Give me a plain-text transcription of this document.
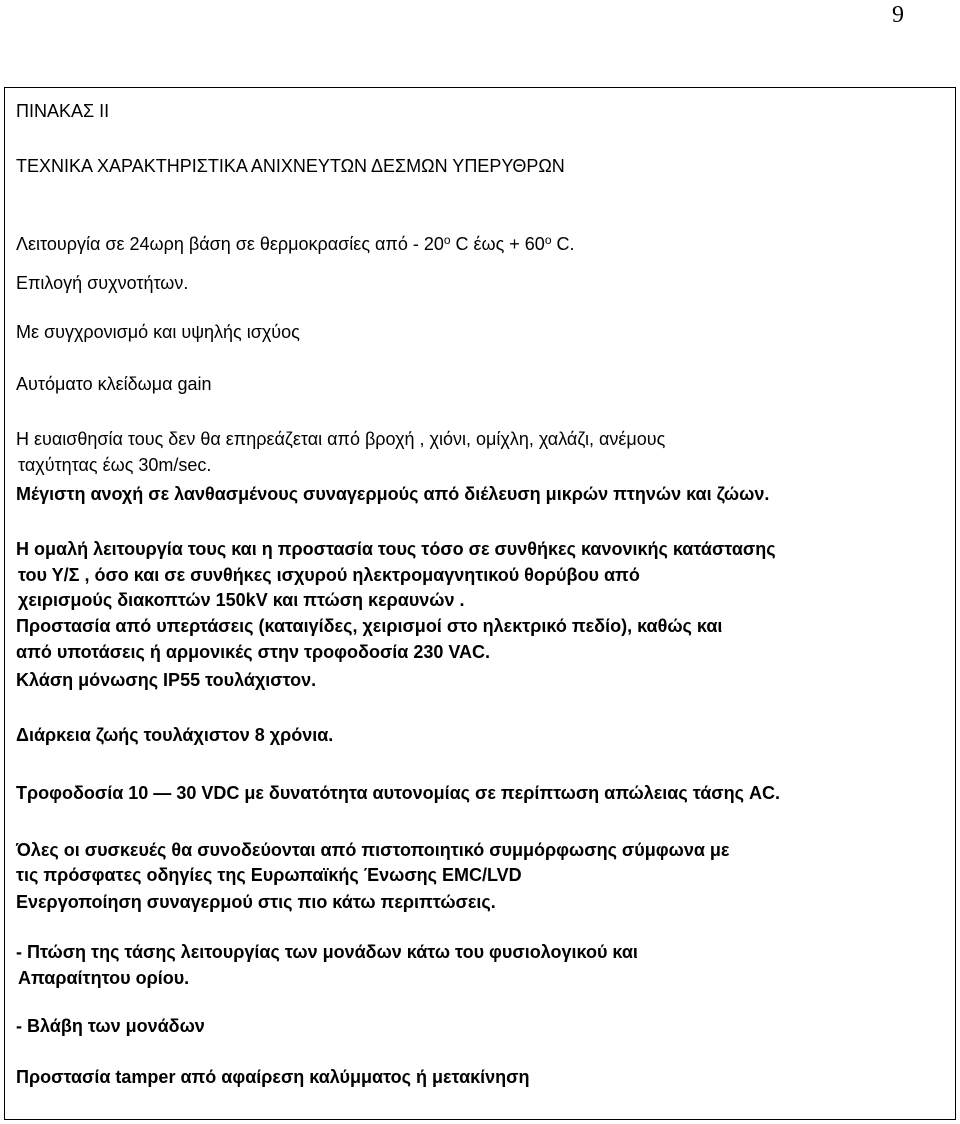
9
ΠΙΝΑΚΑΣ ΙΙ
ΤΕΧΝΙΚΑ ΧΑΡΑΚΤΗΡΙΣΤΙΚΑ ΑΝΙΧΝΕΥΤΩΝ ΔΕΣΜΩΝ ΥΠΕΡΥΘΡΩΝ
Λειτουργία σε 24ωρη βάση σε θερμοκρασίες από - $20^o$ C $έ\omega\varsigma + 60^o$ C.
Επιλογή συχνοτήτων.
Με συγχρονισμό και υψηλής ισχύος
Αυτόματο κλείδωμα gain
Η ευαισθησία τους δεν θα επηρεάζεται από βροχή , χιόνι, ομίχλη, χαλάζι, ανέμους
ταχύτητας έως 30m/sec.
Μέγιστη ανοχή σε λανθασμένους συναγερμούς από διέλευση μικρών πτηνών και ζώων.
Η ομαλή λειτουργία τους και η προστασία τους τόσο σε συνθήκες κανονικής κατάστασης
του Υ/Σ , όσο και σε συνθήκες ισχυρού ηλεκτρομαγνητικού θορύβου από
χειρισμούς διακοπτών 150kV και πτώση κεραυνών .
Προστασία από υπερτάσεις (καταιγίδες, χειρισμοί στο ηλεκτρικό πεδίο), καθώς και
από υποτάσεις ή αρμονικές στην τροφοδοσία 230 VAC.
Κλάση μόνωσης IP55 τουλάχιστον.
Διάρκεια ζωής τουλάχιστον 8 χρόνια.
Τροφοδοσία 10 — 30 VDC με δυνατότητα αυτονομίας σε περίπτωση απώλειας τάσης AC.
Όλες οι συσκευές θα συνοδεύονται από πιστοποιητικό συμμόρφωσης σύμφωνα με
τις πρόσφατες οδηγίες της Ευρωπαϊκής Ένωσης EMC/LVD
Ενεργοποίηση συναγερμού στις πιο κάτω περιπτώσεις.
- Πτώση της τάσης λειτουργίας των μονάδων κάτω του φυσιολογικού και
Απαραίτητου ορίου.
- Βλάβη των μονάδων
Προστασία tamper από αφαίρεση καλύμματος ή μετακίνηση
